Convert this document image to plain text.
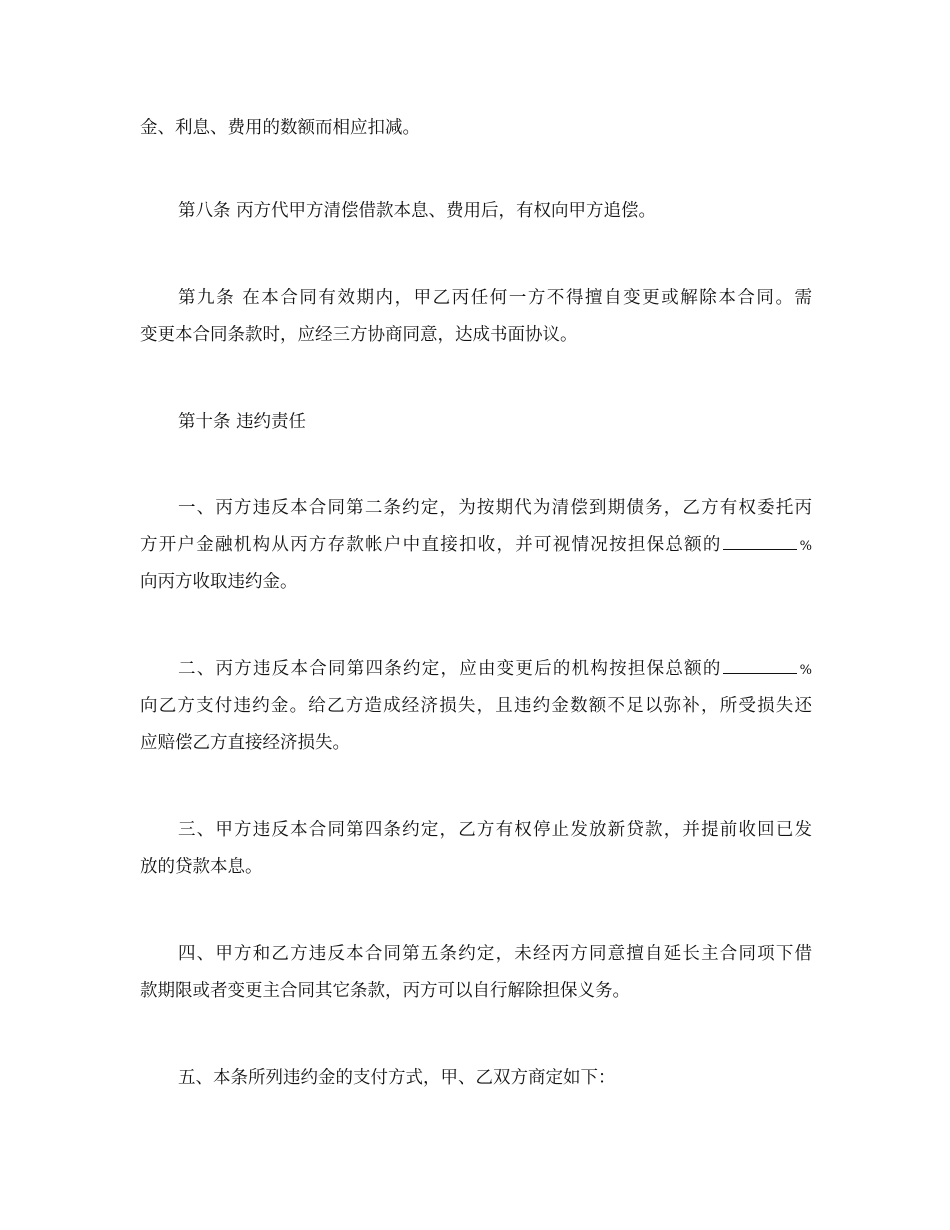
金、利息、费用的数额而相应扣减。
第八条 丙方代甲方清偿借款本息、费用后，有权向甲方追偿。
第九条 在本合同有效期内，甲乙丙任何一方不得擅自变更或解除本合同。需
变更本合同条款时，应经三方协商同意，达成书面协议。
第十条 违约责任
一、丙方违反本合同第二条约定，为按期代为清偿到期债务，乙方有权委托丙
方开户金融机构从丙方存款帐户中直接扣收，并可视情况按担保总额的	%
向丙方收取违约金。
二、丙方违反本合同第四条约定，应由变更后的机构按担保总额的	%
向乙方支付违约金。给乙方造成经济损失，且违约金数额不足以弥补，所受损失还
应赔偿乙方直接经济损失。
三、甲方违反本合同第四条约定，乙方有权停止发放新贷款，并提前收回已发
放的贷款本息。
四、甲方和乙方违反本合同第五条约定，未经丙方同意擅自延长主合同项下借
款期限或者变更主合同其它条款，丙方可以自行解除担保义务。
五、本条所列违约金的支付方式，甲、乙双方商定如下：
